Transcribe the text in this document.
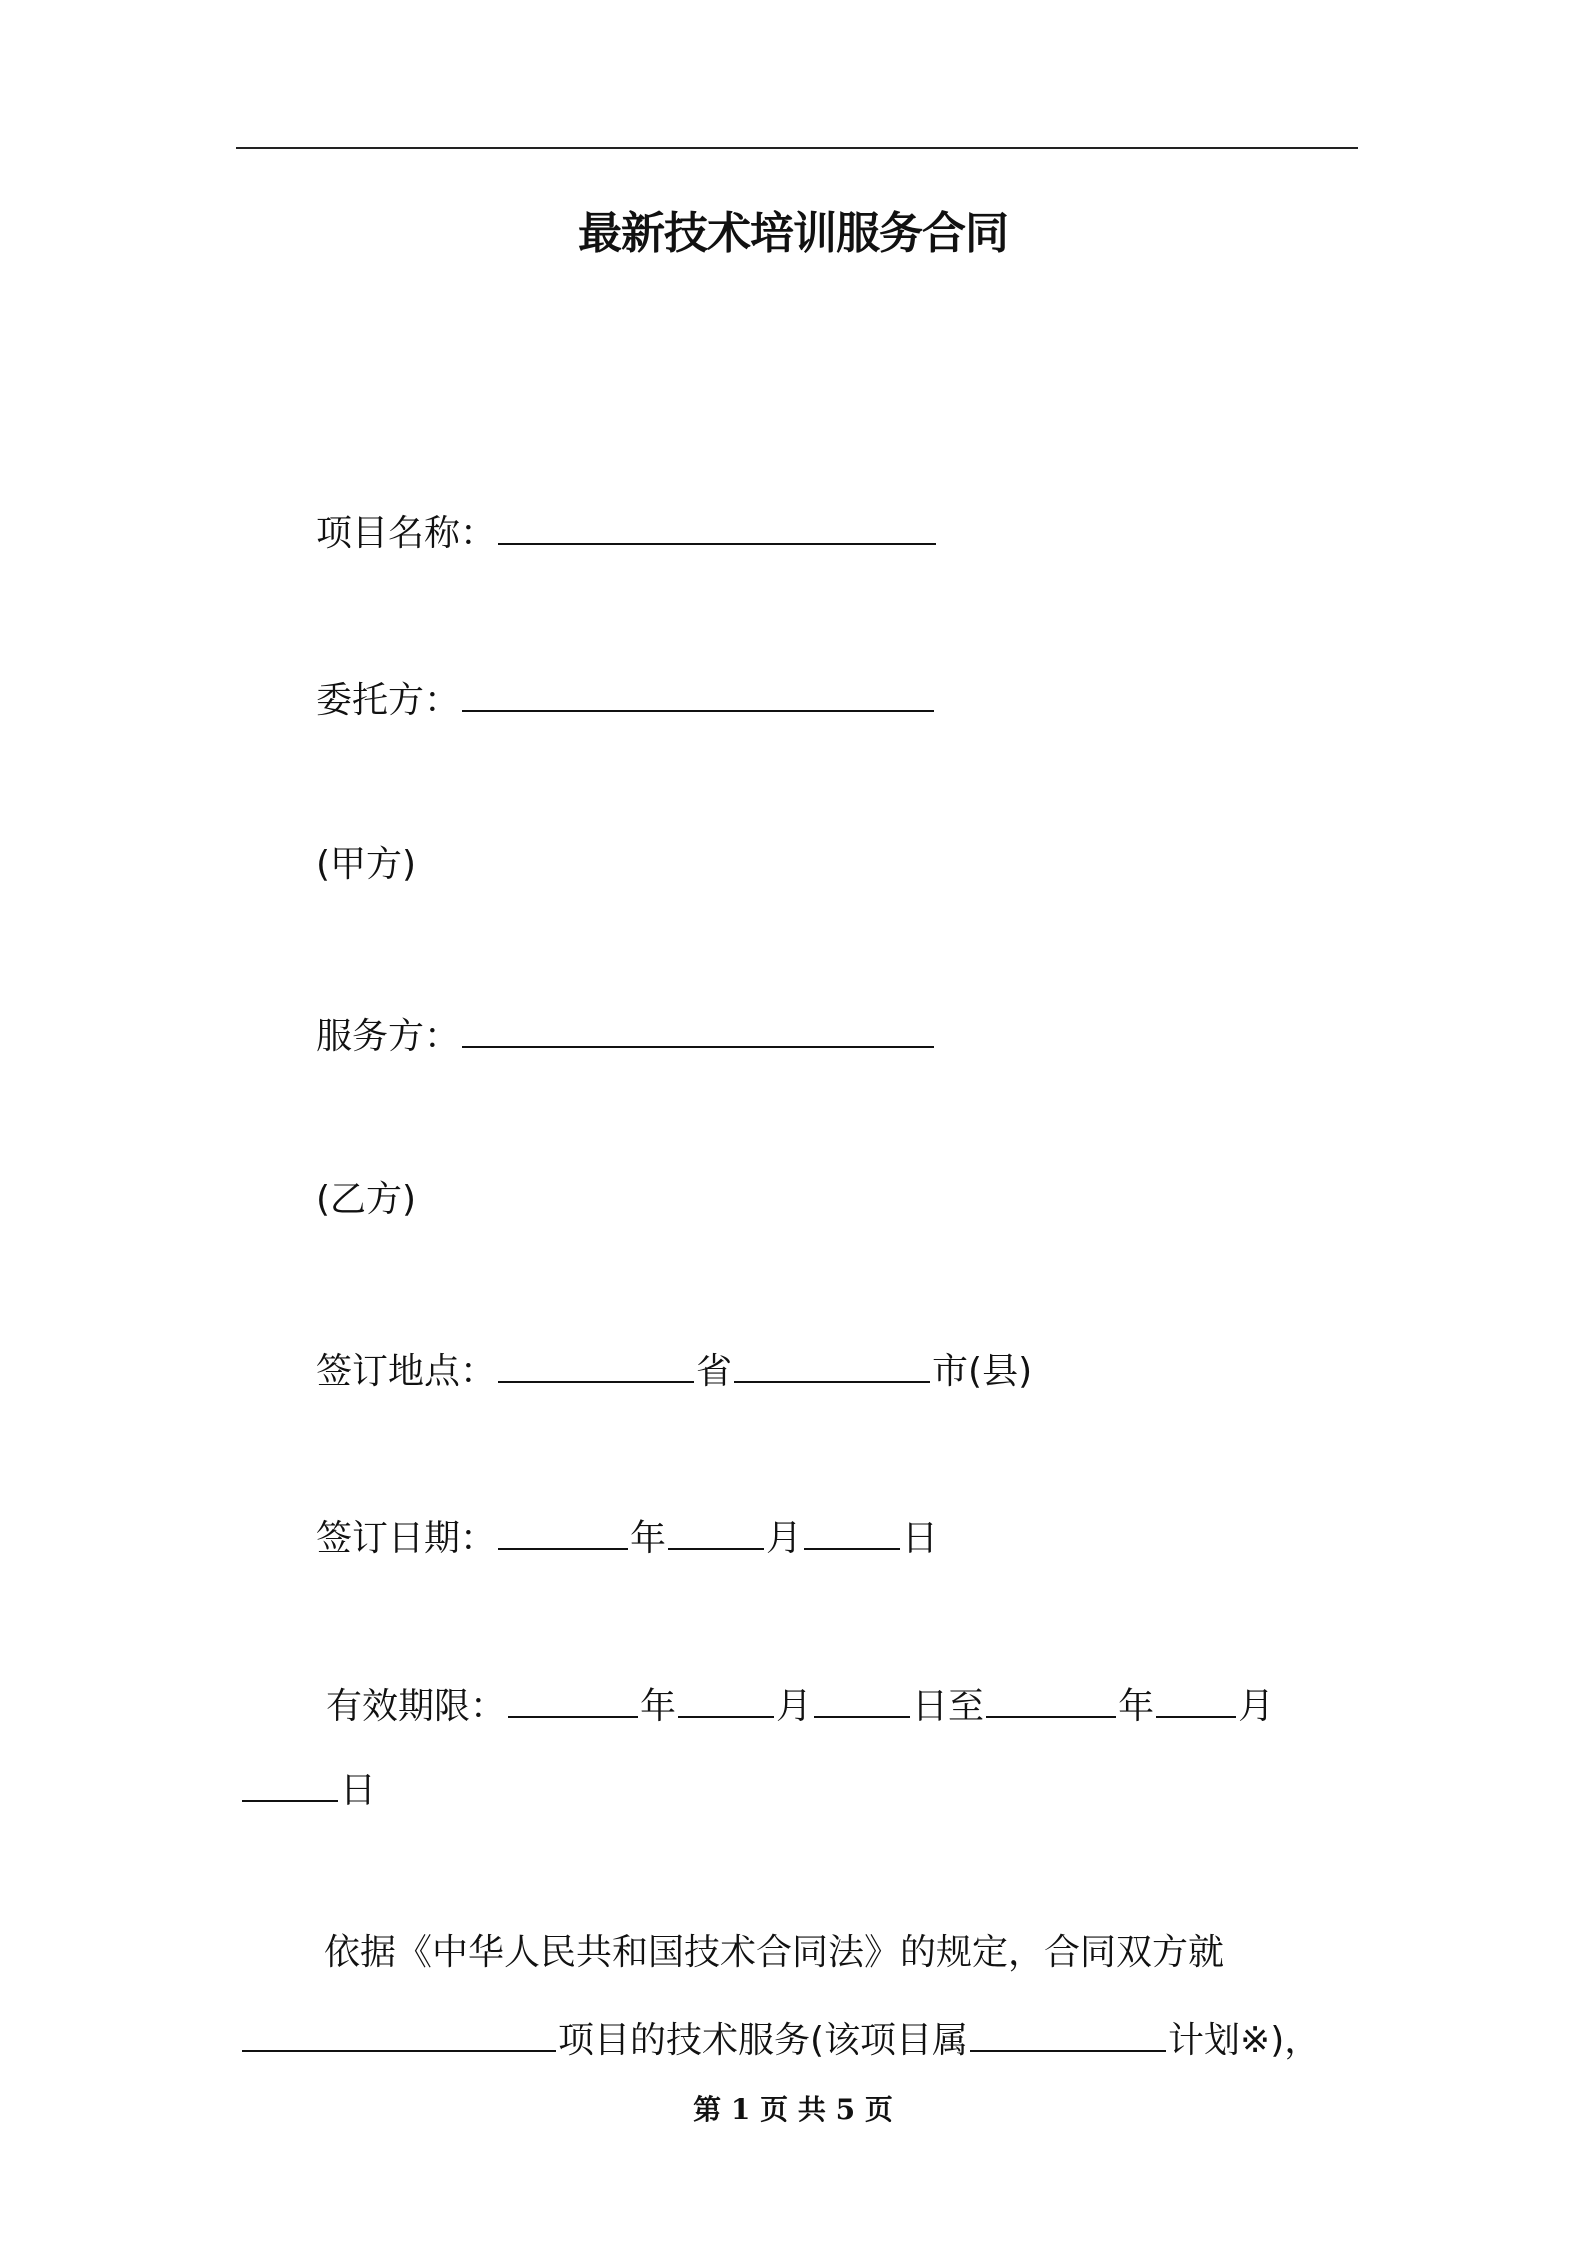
最新技术培训服务合同
项目名称：
委托方：
(甲方)
服务方：
(乙方)
签订地点：	省	市(县)
签订日期：	年	月	日
有效期限：	年	月	日至	年 月
日
依据《中华人民共和国技术合同法》的规定，合同双方就
项目的技术服务(该项目属	计划※)，
第 1 页 共 5 页
